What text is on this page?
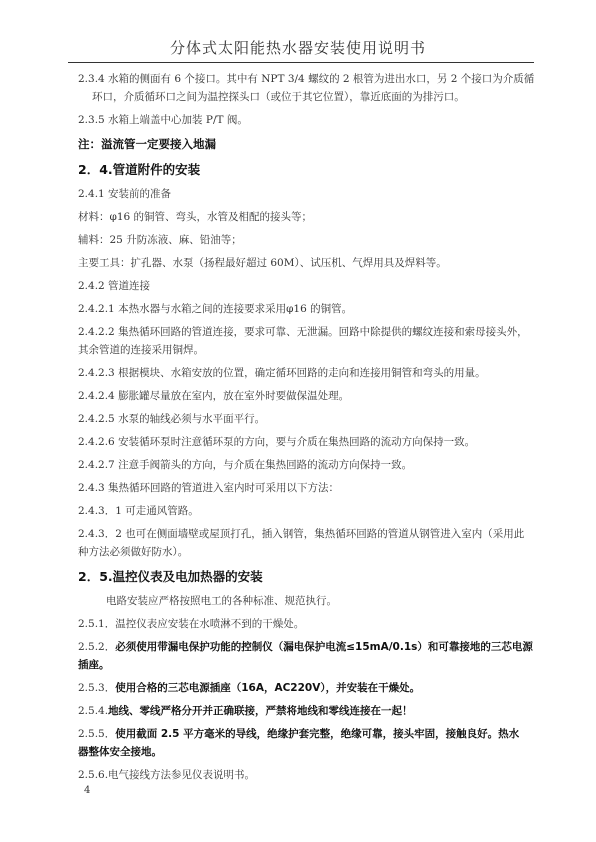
分体式太阳能热水器安装使用说明书
2.3.4 水箱的侧面有 6 个接口。其中有 NPT 3/4 螺纹的 2 根管为进出水口，另 2 个接口为介质循
环口，介质循环口之间为温控探头口（或位于其它位置），靠近底面的为排污口。
2.3.5 水箱上端盖中心加装 P/T 阀。
注：溢流管一定要接入地漏
2．4.管道附件的安装
2.4.1 安装前的准备
材料：φ16 的铜管、弯头，水管及相配的接头等；
辅料：25 升防冻液、麻、铅油等；
主要工具：扩孔器、水泵（扬程最好超过 60M）、试压机、气焊用具及焊料等。
2.4.2 管道连接
2.4.2.1 本热水器与水箱之间的连接要求采用φ16 的铜管。
2.4.2.2 集热循环回路的管道连接，要求可靠、无泄漏。回路中除提供的螺纹连接和索母接头外，
其余管道的连接采用铜焊。
2.4.2.3 根据模块、水箱安放的位置，确定循环回路的走向和连接用铜管和弯头的用量。
2.4.2.4 膨胀罐尽量放在室内，放在室外时要做保温处理。
2.4.2.5 水泵的轴线必须与水平面平行。
2.4.2.6 安装循环泵时注意循环泵的方向，要与介质在集热回路的流动方向保持一致。
2.4.2.7 注意手阀箭头的方向，与介质在集热回路的流动方向保持一致。
2.4.3 集热循环回路的管道进入室内时可采用以下方法：
2.4.3．1 可走通风管路。
2.4.3．2 也可在侧面墙壁或屋顶打孔，插入钢管，集热循环回路的管道从钢管进入室内（采用此
种方法必须做好防水）。
2．5.温控仪表及电加热器的安装
电路安装应严格按照电工的各种标准、规范执行。
2.5.1．温控仪表应安装在水喷淋不到的干燥处。
2.5.2．必须使用带漏电保护功能的控制仪（漏电保护电流≤15mA/0.1s）和可靠接地的三芯电源
插座。
2.5.3．使用合格的三芯电源插座（16A，AC220V），并安装在干燥处。
2.5.4.地线、零线严格分开并正确联接，严禁将地线和零线连接在一起！
2.5.5．使用截面 2.5 平方毫米的导线，绝缘护套完整，绝缘可靠，接头牢固，接触良好。热水
器整体安全接地。
2.5.6.电气接线方法参见仪表说明书。
4
